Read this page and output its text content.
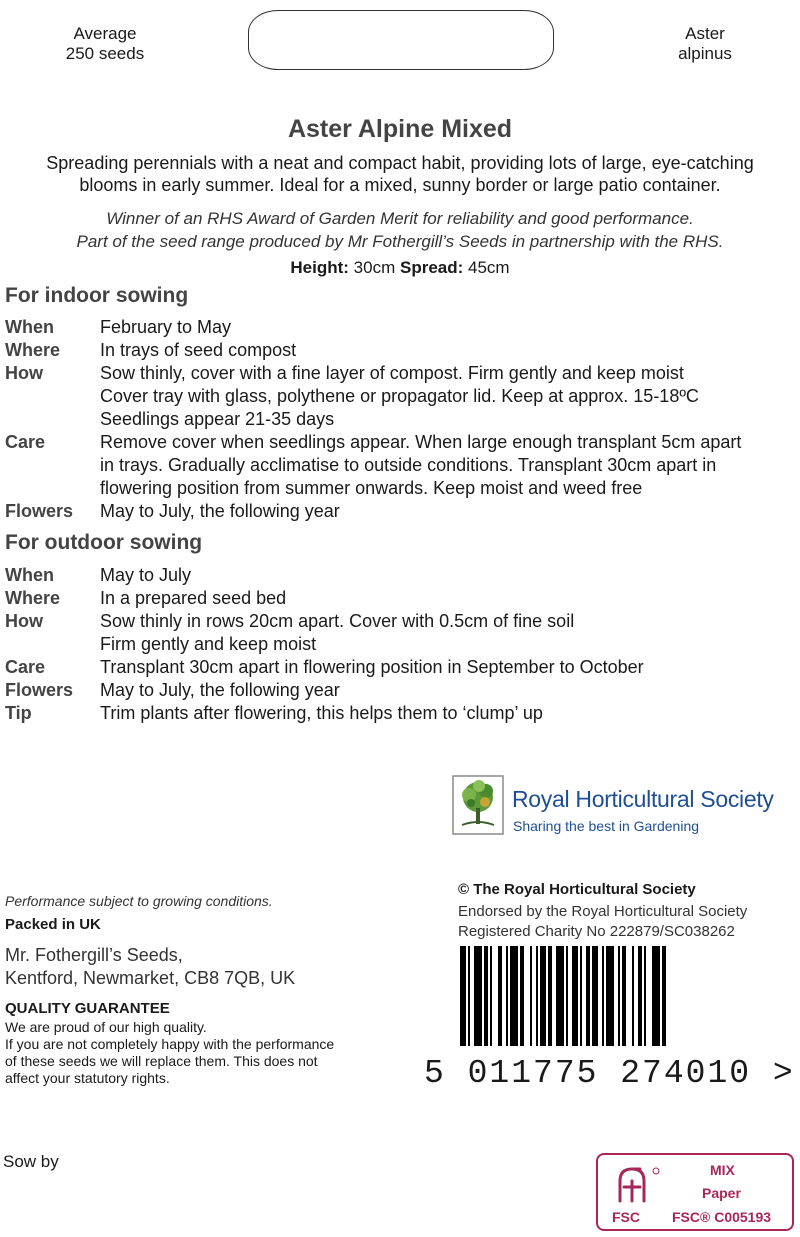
Average
250 seeds
Aster
alpinus
Aster Alpine Mixed
Spreading perennials with a neat and compact habit, providing lots of large, eye-catching
blooms in early summer. Ideal for a mixed, sunny border or large patio container.
Winner of an RHS Award of Garden Merit for reliability and good performance.
Part of the seed range produced by Mr Fothergill’s Seeds in partnership with the RHS.
Height: 30cm Spread: 45cm
For indoor sowing
When	February to May
Where	In trays of seed compost
How	Sow thinly, cover with a fine layer of compost. Firm gently and keep moist
Cover tray with glass, polythene or propagator lid. Keep at approx. 15-18ºC
Seedlings appear 21-35 days
Care	Remove cover when seedlings appear. When large enough transplant 5cm apart
in trays. Gradually acclimatise to outside conditions. Transplant 30cm apart in
flowering position from summer onwards. Keep moist and weed free
Flowers	May to July, the following year
For outdoor sowing
When	May to July
Where	In a prepared seed bed
How	Sow thinly in rows 20cm apart. Cover with 0.5cm of fine soil
Firm gently and keep moist
Care	Transplant 30cm apart in flowering position in September to October
Flowers	May to July, the following year
Tip	Trim plants after flowering, this helps them to ‘clump’ up
Royal Horticultural Society
Sharing the best in Gardening
Performance subject to growing conditions.
Packed in UK
Mr. Fothergill’s Seeds,
Kentford, Newmarket, CB8 7QB, UK
QUALITY GUARANTEE
We are proud of our high quality.
If you are not completely happy with the performance
of these seeds we will replace them. This does not
affect your statutory rights.
© The Royal Horticultural Society
Endorsed by the Royal Horticultural Society
Registered Charity No 222879/SC038262
5 011775 274010 >
Sow by	MIX
Paper
FSC FSC® C005193
